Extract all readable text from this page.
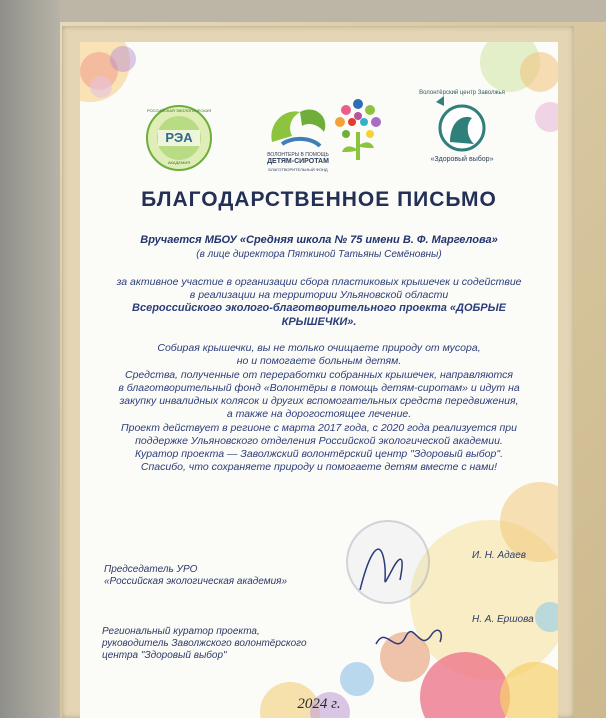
РОССИЙСКАЯ ЭКОЛОГИЧЕСКАЯ
РЭА
АКАДЕМИЯ
ВОЛОНТЕРЫ В ПОМОЩЬ
ДЕТЯМ-СИРОТАМ
БЛАГОТВОРИТЕЛЬНЫЙ ФОНД
Волонтёрский центр Заволжья
«Здоровый выбор»
БЛАГОДАРСТВЕННОЕ ПИСЬМО
Вручается МБОУ «Средняя школа № 75 имени В. Ф. Маргелова»
(в лице директора Пяткиной Татьяны Семёновны)
за активное участие в организации сбора пластиковых крышечек и содействие
в реализации на территории Ульяновской области
Всероссийского эколого-благотворительного проекта «ДОБРЫЕ
КРЫШЕЧКИ».
Собирая крышечки, вы не только очищаете природу от мусора,
но и помогаете больным детям.
Средства, полученные от переработки собранных крышечек, направляются
в благотворительный фонд «Волонтёры в помощь детям-сиротам» и идут на
закупку инвалидных колясок и других вспомогательных средств передвижения,
а также на дорогостоящее лечение.
Проект действует в регионе с марта 2017 года, с 2020 года реализуется при
поддержке Ульяновского отделения Российской экологической академии.
Куратор проекта — Заволжский волонтёрский центр "Здоровый выбор".
Спасибо, что сохраняете природу и помогаете детям вместе с нами!
Председатель УРО
«Российская экологическая академия»
И. Н. Адаев
Региональный куратор проекта,
руководитель Заволжского волонтёрского
центра "Здоровый выбор"
Н. А. Ершова
2024 г.
